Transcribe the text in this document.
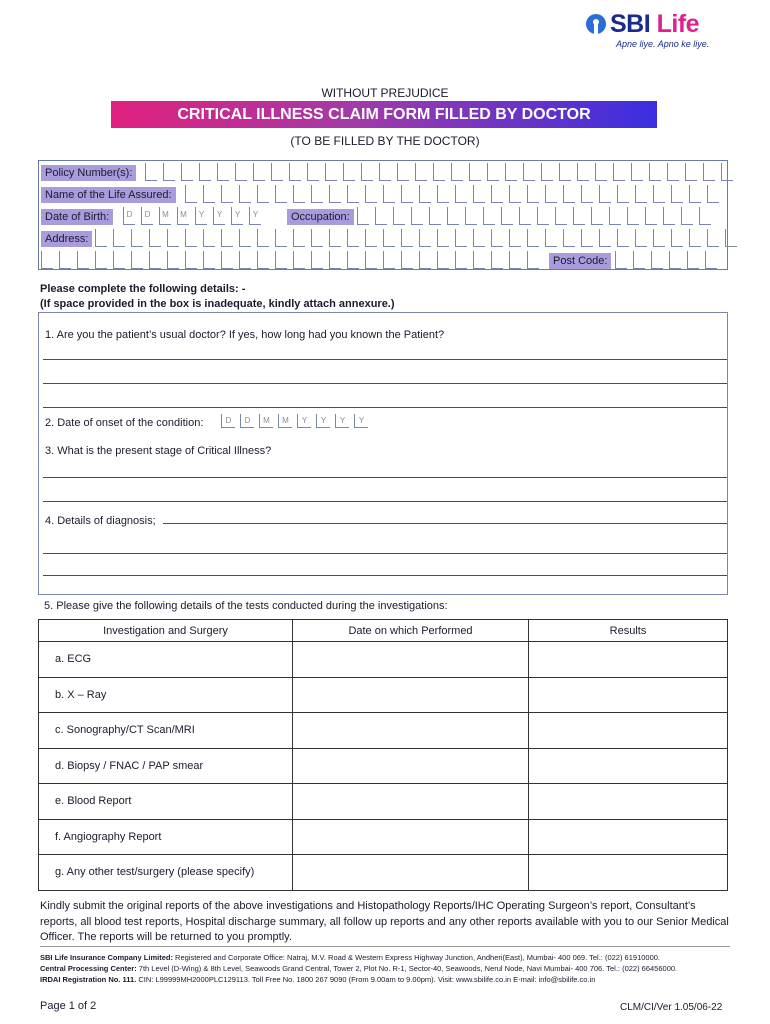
SBI Life
Apne liye. Apno ke liye.
WITHOUT PREJUDICE
CRITICAL ILLNESS CLAIM FORM FILLED BY DOCTOR
(TO BE FILLED BY THE DOCTOR)
Policy Number(s):
Name of the Life Assured:
Date of Birth:	D	D	M	M	Y	Y	Y	Y	Occupation:
Address:
Post Code:
Please complete the following details: -
(If space provided in the box is inadequate, kindly attach annexure.)
1. Are you the patient’s usual doctor? If yes, how long had you known the Patient?
2. Date of onset of the condition:	D	D	M	M	Y	Y	Y	Y
3. What is the present stage of Critical Illness?
4. Details of diagnosis;
5. Please give the following details of the tests conducted during the investigations:
Investigation and Surgery	Date on which Performed	Results
a. ECG		
b. X – Ray		
c. Sonography/CT Scan/MRI		
d. Biopsy / FNAC / PAP smear		
e. Blood Report		
f. Angiography Report		
g. Any other test/surgery (please specify)		
Kindly submit the original reports of the above investigations and Histopathology Reports/IHC Operating Surgeon’s report, Consultant’s reports, all blood test reports, Hospital discharge summary, all follow up reports and any other reports available with you to our Senior Medical Officer. The reports will be returned to you promptly.
SBI Life Insurance Company Limited: Registered and Corporate Office: Natraj, M.V. Road & Western Express Highway Junction, Andheri(East), Mumbai- 400 069. Tel.: (022) 61910000.
Central Processing Center: 7th Level (D-Wing) & 8th Level, Seawoods Grand Central, Tower 2, Plot No. R-1, Sector-40, Seawoods, Nerul Node, Navi Mumbai- 400 706. Tel.: (022) 66456000.
IRDAI Registration No. 111. CIN: L99999MH2000PLC129113. Toll Free No. 1800 267 9090 (From 9.00am to 9.00pm). Visit: www.sbilife.co.in E-mail: info@sbilife.co.in
Page 1 of 2	CLM/CI/Ver 1.05/06-22
